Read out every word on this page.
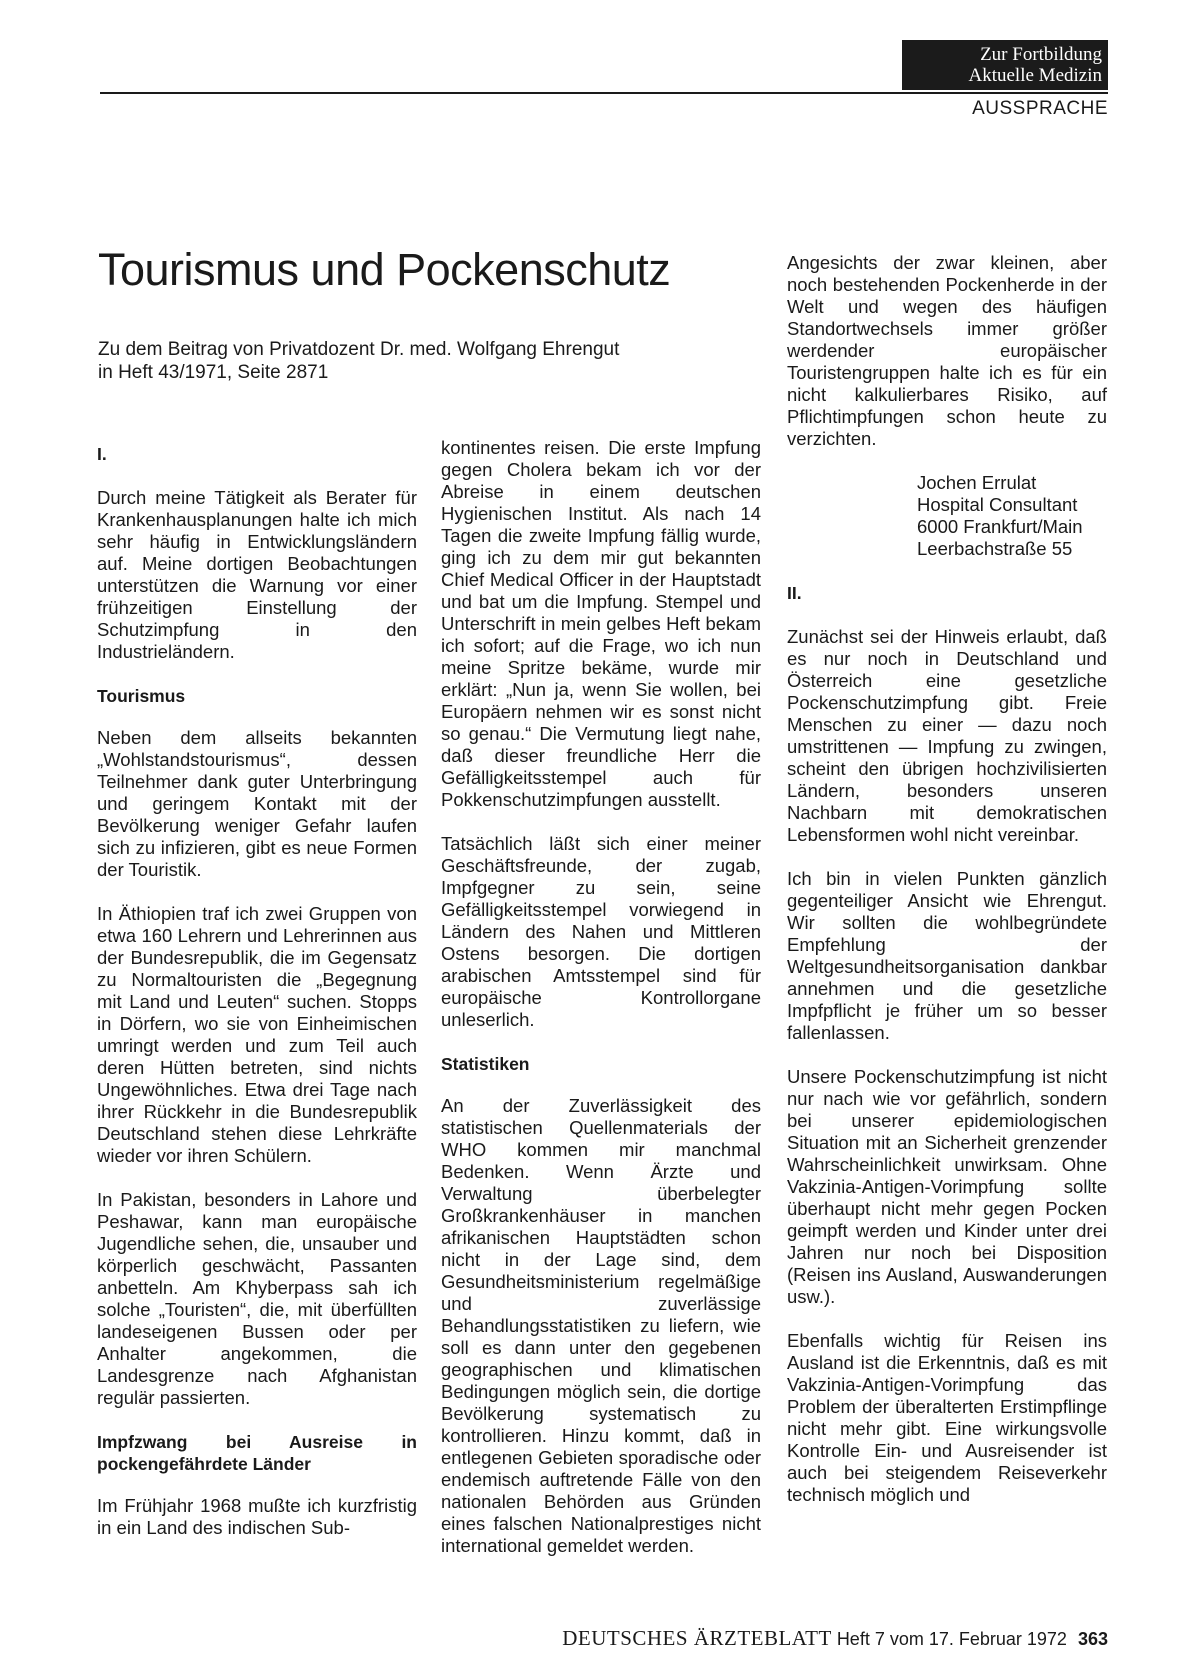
Zur Fortbildung
Aktuelle Medizin
AUSSPRACHE
Tourismus und Pockenschutz
Zu dem Beitrag von Privatdozent Dr. med. Wolfgang Ehrengut
in Heft 43/1971, Seite 2871
I.

Durch meine Tätigkeit als Berater für Krankenhausplanungen halte ich mich sehr häufig in Entwicklungsländern auf. Meine dortigen Beobachtungen unterstützen die Warnung vor einer frühzeitigen Einstellung der Schutzimpfung in den Industrieländern.

Tourismus

Neben dem allseits bekannten „Wohlstandstourismus“, dessen Teilnehmer dank guter Unterbringung und geringem Kontakt mit der Bevölkerung weniger Gefahr laufen sich zu infizieren, gibt es neue Formen der Touristik.

In Äthiopien traf ich zwei Gruppen von etwa 160 Lehrern und Lehrerinnen aus der Bundesrepublik, die im Gegensatz zu Normaltouristen die „Begegnung mit Land und Leuten“ suchen. Stopps in Dörfern, wo sie von Einheimischen umringt werden und zum Teil auch deren Hütten betreten, sind nichts Ungewöhnliches. Etwa drei Tage nach ihrer Rückkehr in die Bundesrepublik Deutschland stehen diese Lehrkräfte wieder vor ihren Schülern.

In Pakistan, besonders in Lahore und Peshawar, kann man europäische Jugendliche sehen, die, unsauber und körperlich geschwächt, Passanten anbetteln. Am Khyberpass sah ich solche „Touristen“, die, mit überfüllten landeseigenen Bussen oder per Anhalter angekommen, die Landesgrenze nach Afghanistan regulär passierten.

Impfzwang bei Ausreise in pockengefährdete Länder

Im Frühjahr 1968 mußte ich kurzfristig in ein Land des indischen Sub-

kontinentes reisen. Die erste Impfung gegen Cholera bekam ich vor der Abreise in einem deutschen Hygienischen Institut. Als nach 14 Tagen die zweite Impfung fällig wurde, ging ich zu dem mir gut bekannten Chief Medical Officer in der Hauptstadt und bat um die Impfung. Stempel und Unterschrift in mein gelbes Heft bekam ich sofort; auf die Frage, wo ich nun meine Spritze bekäme, wurde mir erklärt: „Nun ja, wenn Sie wollen, bei Europäern nehmen wir es sonst nicht so genau.“ Die Vermutung liegt nahe, daß dieser freundliche Herr die Gefälligkeitsstempel auch für Pokkenschutzimpfungen ausstellt.

Tatsächlich läßt sich einer meiner Geschäftsfreunde, der zugab, Impfgegner zu sein, seine Gefälligkeitsstempel vorwiegend in Ländern des Nahen und Mittleren Ostens besorgen. Die dortigen arabischen Amtsstempel sind für europäische Kontrollorgane unleserlich.

Statistiken

An der Zuverlässigkeit des statistischen Quellenmaterials der WHO kommen mir manchmal Bedenken. Wenn Ärzte und Verwaltung überbelegter Großkrankenhäuser in manchen afrikanischen Hauptstädten schon nicht in der Lage sind, dem Gesundheitsministerium regelmäßige und zuverlässige Behandlungsstatistiken zu liefern, wie soll es dann unter den gegebenen geographischen und klimatischen Bedingungen möglich sein, die dortige Bevölkerung systematisch zu kontrollieren. Hinzu kommt, daß in entlegenen Gebieten sporadische oder endemisch auftretende Fälle von den nationalen Behörden aus Gründen eines falschen Nationalprestiges nicht international gemeldet werden.

Angesichts der zwar kleinen, aber noch bestehenden Pockenherde in der Welt und wegen des häufigen Standortwechsels immer größer werdender europäischer Touristengruppen halte ich es für ein nicht kalkulierbares Risiko, auf Pflichtimpfungen schon heute zu verzichten.

Jochen Errulat
Hospital Consultant
6000 Frankfurt/Main
Leerbachstraße 55

II.

Zunächst sei der Hinweis erlaubt, daß es nur noch in Deutschland und Österreich eine gesetzliche Pockenschutzimpfung gibt. Freie Menschen zu einer — dazu noch umstrittenen — Impfung zu zwingen, scheint den übrigen hochzivilisierten Ländern, besonders unseren Nachbarn mit demokratischen Lebensformen wohl nicht vereinbar.

Ich bin in vielen Punkten gänzlich gegenteiliger Ansicht wie Ehrengut. Wir sollten die wohlbegründete Empfehlung der Weltgesundheitsorganisation dankbar annehmen und die gesetzliche Impfpflicht je früher um so besser fallenlassen.

Unsere Pockenschutzimpfung ist nicht nur nach wie vor gefährlich, sondern bei unserer epidemiologischen Situation mit an Sicherheit grenzender Wahrscheinlichkeit unwirksam. Ohne Vakzinia-Antigen-Vorimpfung sollte überhaupt nicht mehr gegen Pocken geimpft werden und Kinder unter drei Jahren nur noch bei Disposition (Reisen ins Ausland, Auswanderungen usw.).

Ebenfalls wichtig für Reisen ins Ausland ist die Erkenntnis, daß es mit Vakzinia-Antigen-Vorimpfung das Problem der überalterten Erstimpflinge nicht mehr gibt. Eine wirkungsvolle Kontrolle Ein- und Ausreisender ist auch bei steigendem Reiseverkehr technisch möglich und

DEUTSCHES ÄRZTEBLATT Heft 7 vom 17. Februar 1972 363
